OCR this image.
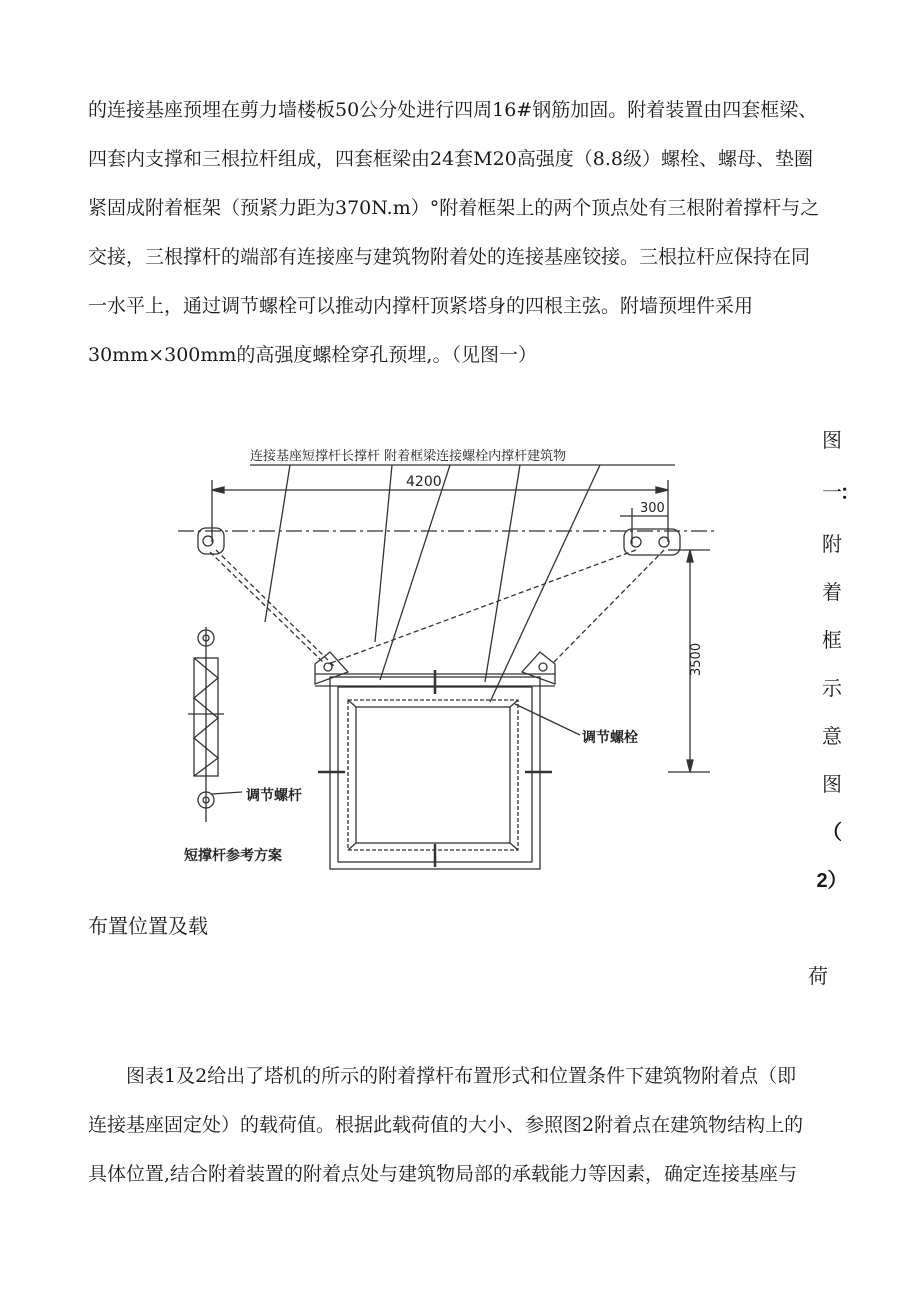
的连接基座预埋在剪力墙楼板50公分处进行四周16#钢筋加固。附着装置由四套框梁、
四套内支撑和三根拉杆组成，四套框梁由24套M20高强度（8.8级）螺栓、螺母、垫圈
紧固成附着框架（预紧力距为370N.m）°附着框架上的两个顶点处有三根附着撑杆与之
交接，三根撑杆的端部有连接座与建筑物附着处的连接基座铰接。三根拉杆应保持在同
一水平上，通过调节螺栓可以推动内撑杆顶紧塔身的四根主弦。附墙预埋件采用
30mm×300mm的高强度螺栓穿孔预埋,。（见图一）
连接基座短撑杆长撑杆 附着框梁连接螺栓内撑杆建筑物
调节螺栓
调节螺杆
短撑杆参考方案
4200
300
3500
图
一
：
附
着
框
示
意
图
（
2）

布置位置及载

荷

图表1及2给出了塔机的所示的附着撑杆布置形式和位置条件下建筑物附着点（即
连接基座固定处）的载荷值。根据此载荷值的大小、参照图2附着点在建筑物结构上的
具体位置,结合附着装置的附着点处与建筑物局部的承载能力等因素，确定连接基座与
